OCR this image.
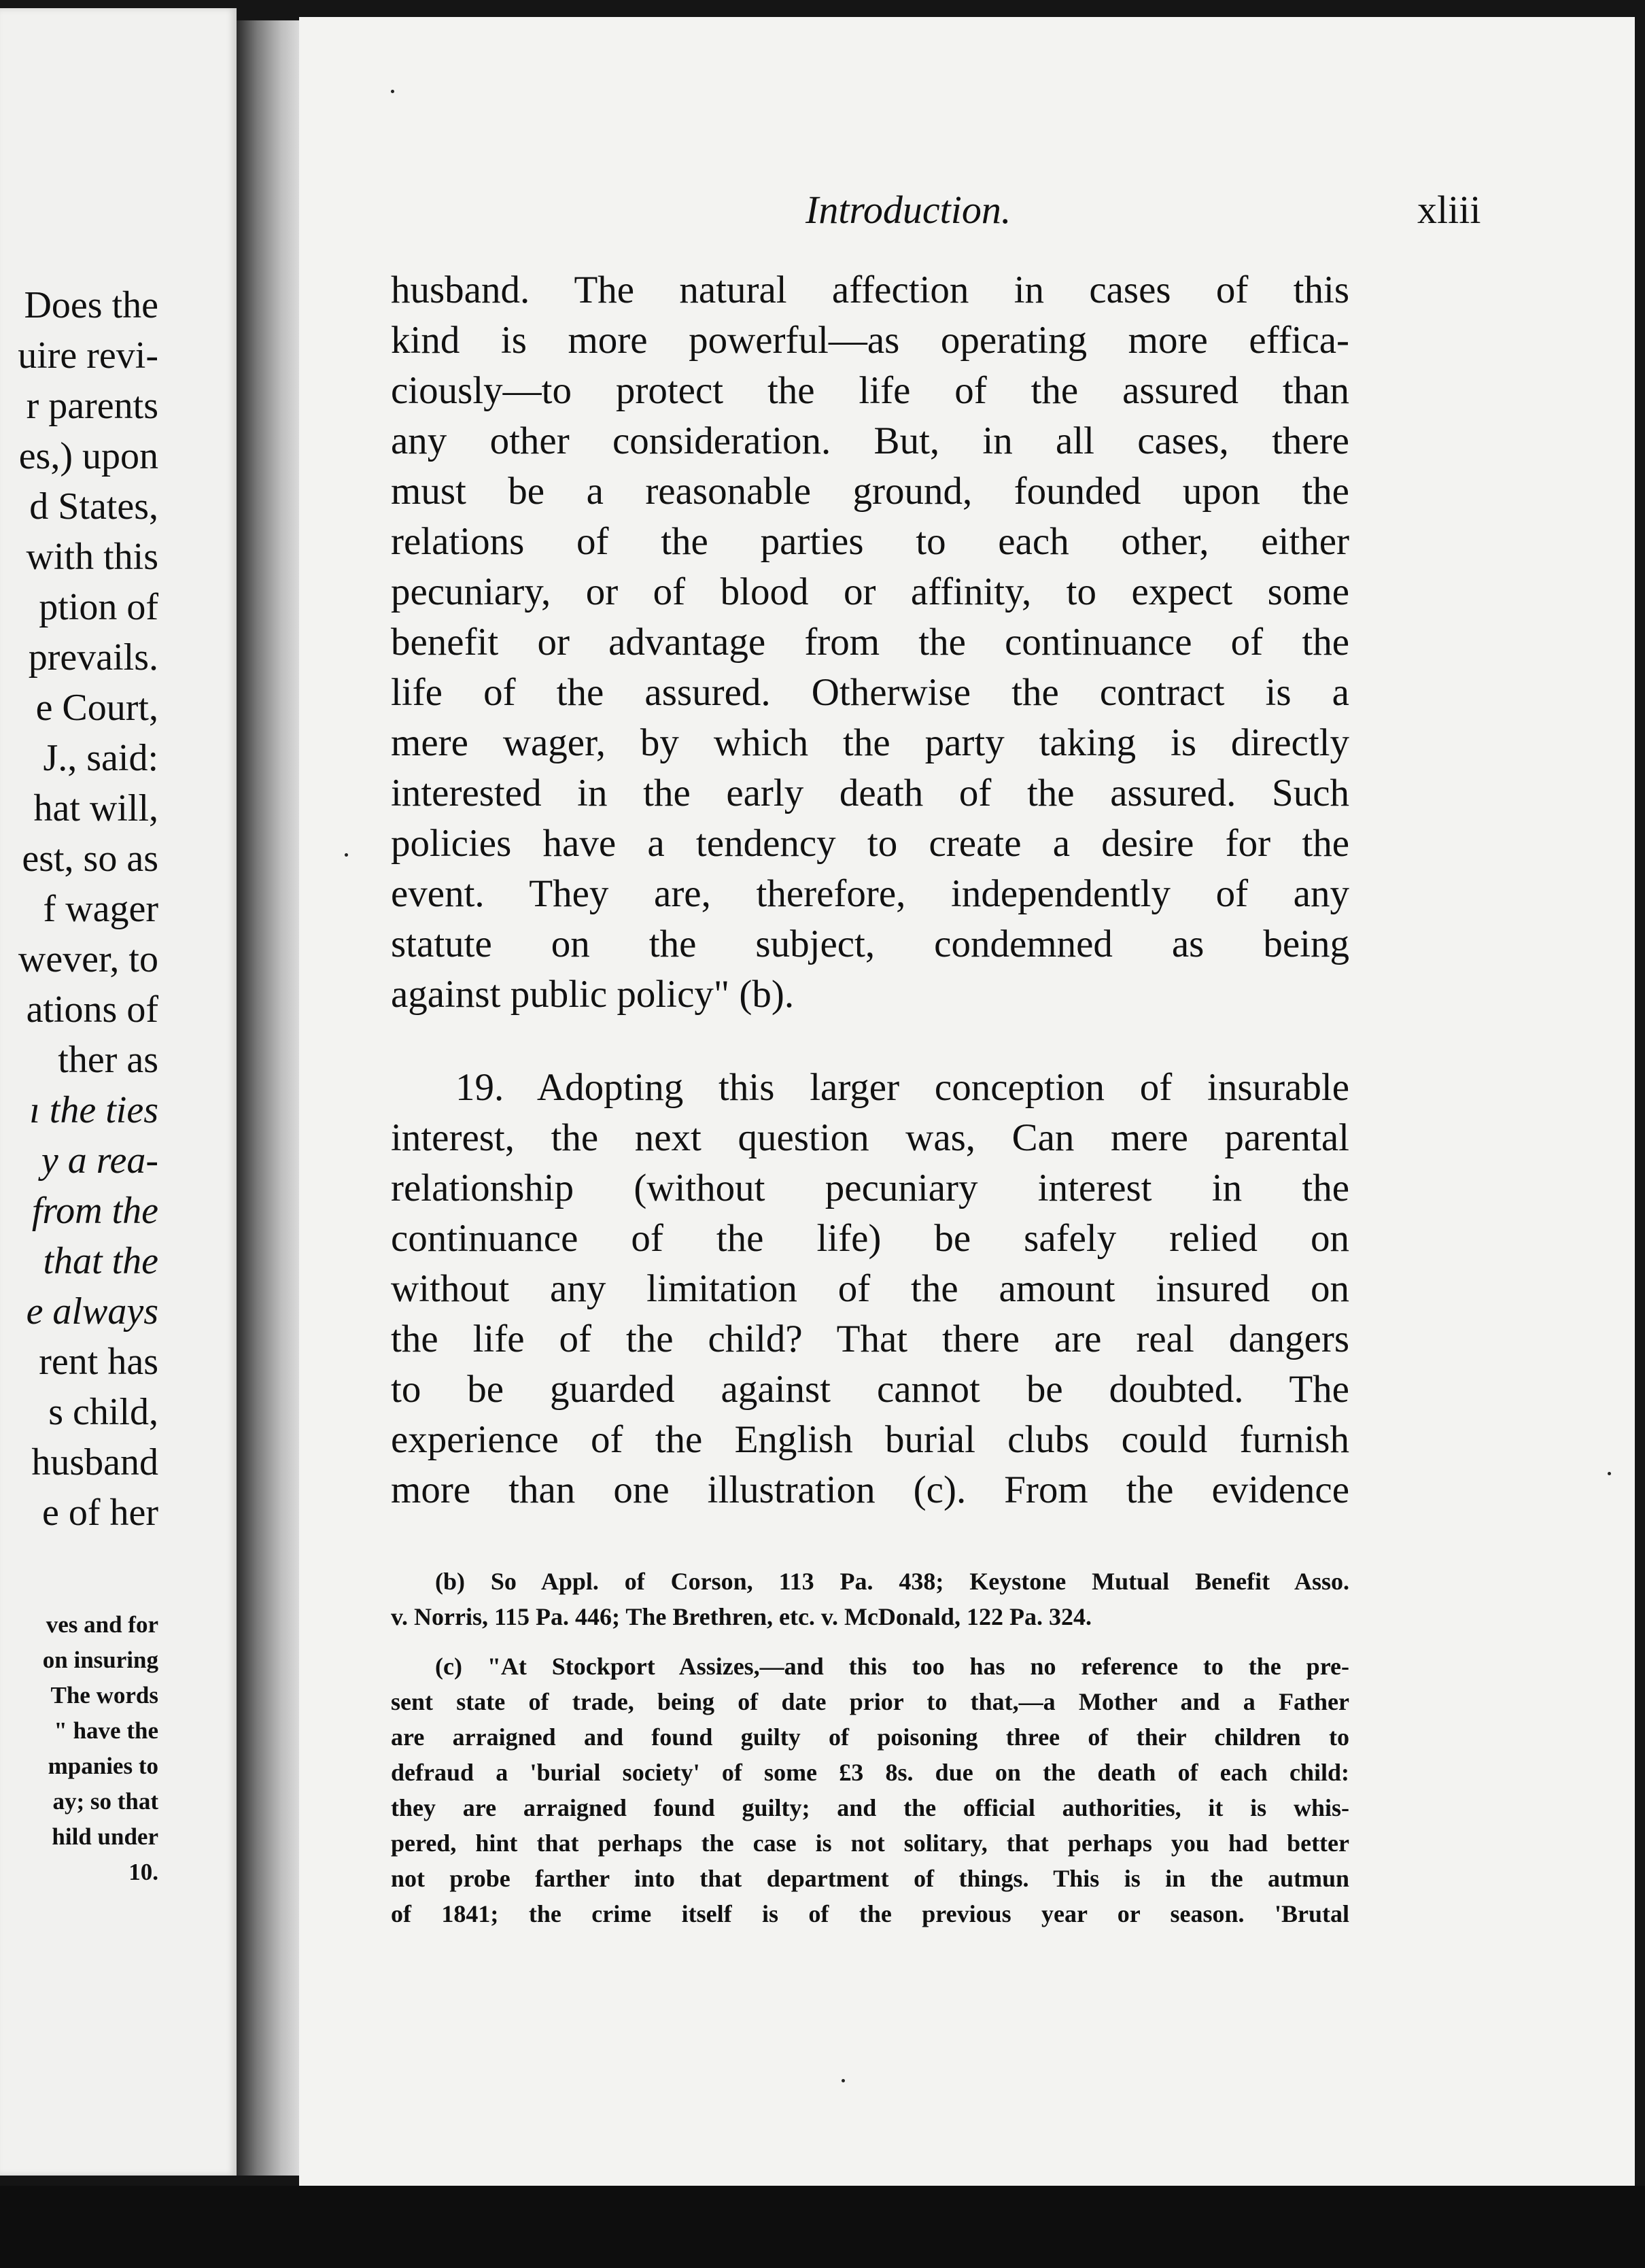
Does the
uire revi-
r parents
es,) upon
d States,
with this
ption of
prevails.
e Court,
J., said:
hat will,
est, so as
f wager
wever, to
ations of
ther as
ı the ties
y a rea-
from the
that the
e always
rent has
s child,
husband
e of her
ves and for
on insuring
The words
" have the
mpanies to
ay; so that
hild under
10.
Introduction.	xliii
husband. The natural affection in cases of this
kind is more powerful—as operating more effica-
ciously—to protect the life of the assured than
any other consideration. But, in all cases, there
must be a reasonable ground, founded upon the
relations of the parties to each other, either
pecuniary, or of blood or affinity, to expect some
benefit or advantage from the continuance of the
life of the assured. Otherwise the contract is a
mere wager, by which the party taking is directly
interested in the early death of the assured. Such
policies have a tendency to create a desire for the
event. They are, therefore, independently of any
statute on the subject, condemned as being
against public policy" (b).
19. Adopting this larger conception of insurable
interest, the next question was, Can mere parental
relationship (without pecuniary interest in the
continuance of the life) be safely relied on
without any limitation of the amount insured on
the life of the child? That there are real dangers
to be guarded against cannot be doubted. The
experience of the English burial clubs could furnish
more than one illustration (c). From the evidence
(b) So Appl. of Corson, 113 Pa. 438; Keystone Mutual Benefit Asso.
v. Norris, 115 Pa. 446; The Brethren, etc. v. McDonald, 122 Pa. 324.
(c) "At Stockport Assizes,—and this too has no reference to the pre-
sent state of trade, being of date prior to that,—a Mother and a Father
are arraigned and found guilty of poisoning three of their children to
defraud a 'burial society' of some £3 8s. due on the death of each child:
they are arraigned found guilty; and the official authorities, it is whis-
pered, hint that perhaps the case is not solitary, that perhaps you had better
not probe farther into that department of things. This is in the autmun
of 1841; the crime itself is of the previous year or season. 'Brutal
